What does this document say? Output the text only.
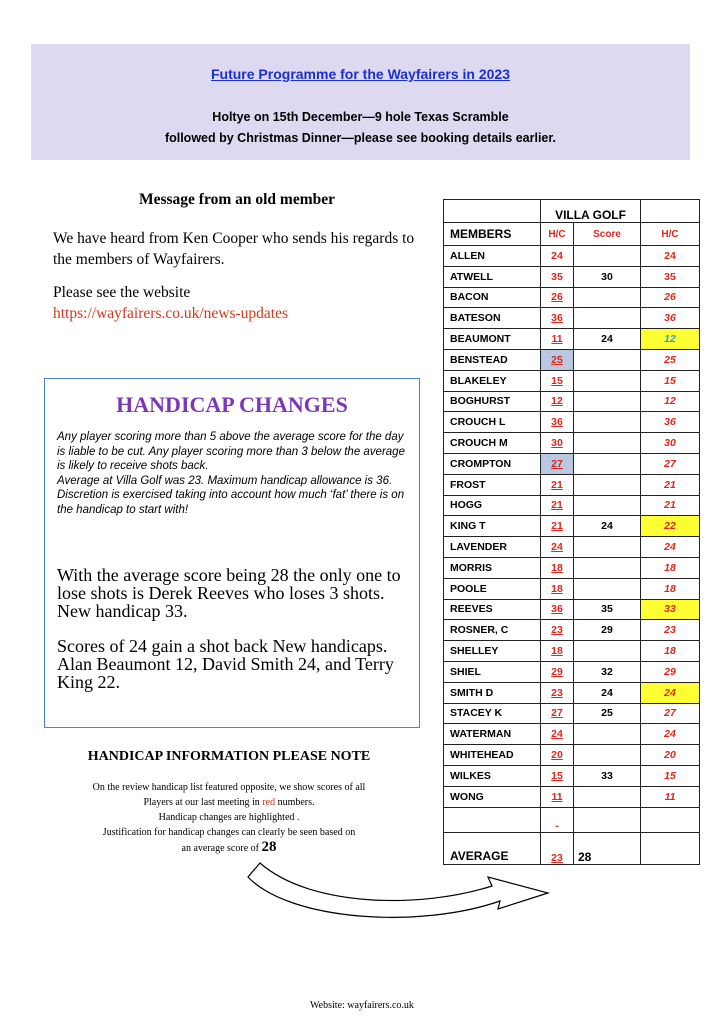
Future Programme for the Wayfairers in 2023
Holtye on 15th December—9 hole Texas Scramble
followed by Christmas Dinner—please see booking details earlier.
Message from an old member

We have heard from Ken Cooper who sends his regards to the members of Wayfairers.

Please see the website

https://wayfairers.co.uk/news-updates

HANDICAP CHANGES

Any player scoring more than 5 above the average score for the day is liable to be cut. Any player scoring more than 3 below the average is likely to receive shots back.

Average at Villa Golf was 23. Maximum handicap allowance is 36. Discretion is exercised taking into account how much ‘fat’ there is on the handicap to start with!

With the average score being 28 the only one to lose shots is Derek Reeves who loses 3 shots. New handicap 33.

Scores of 24 gain a shot back New handicaps.

Alan Beaumont 12, David Smith 24, and Terry King 22.

HANDICAP INFORMATION PLEASE NOTE

On the review handicap list featured opposite, we show scores of all

Players at our last meeting in red numbers.

Handicap changes are highlighted .

Justification for handicap changes can clearly be seen based on

an average score of 28

	VILLA GOLF		
MEMBERS	H/C	Score	H/C
ALLEN	24		24
ATWELL	35	30	35
BACON	26		26
BATESON	36		36
BEAUMONT	11	24	12
BENSTEAD	25		25
BLAKELEY	15		15
BOGHURST	12		12
CROUCH L	36		36
CROUCH M	30		30
CROMPTON	27		27
FROST	21		21
HOGG	21		21
KING T	21	24	22
LAVENDER	24		24
MORRIS	18		18
POOLE	18		18
REEVES	36	35	33
ROSNER, C	23	29	23
SHELLEY	18		18
SHIEL	29	32	29
SMITH D	23	24	24
STACEY K	27	25	27
WATERMAN	24		24
WHITEHEAD	20		20
WILKES	15	33	15
WONG	11		11
	-		
AVERAGE	23	28	
Website: wayfairers.co.uk
